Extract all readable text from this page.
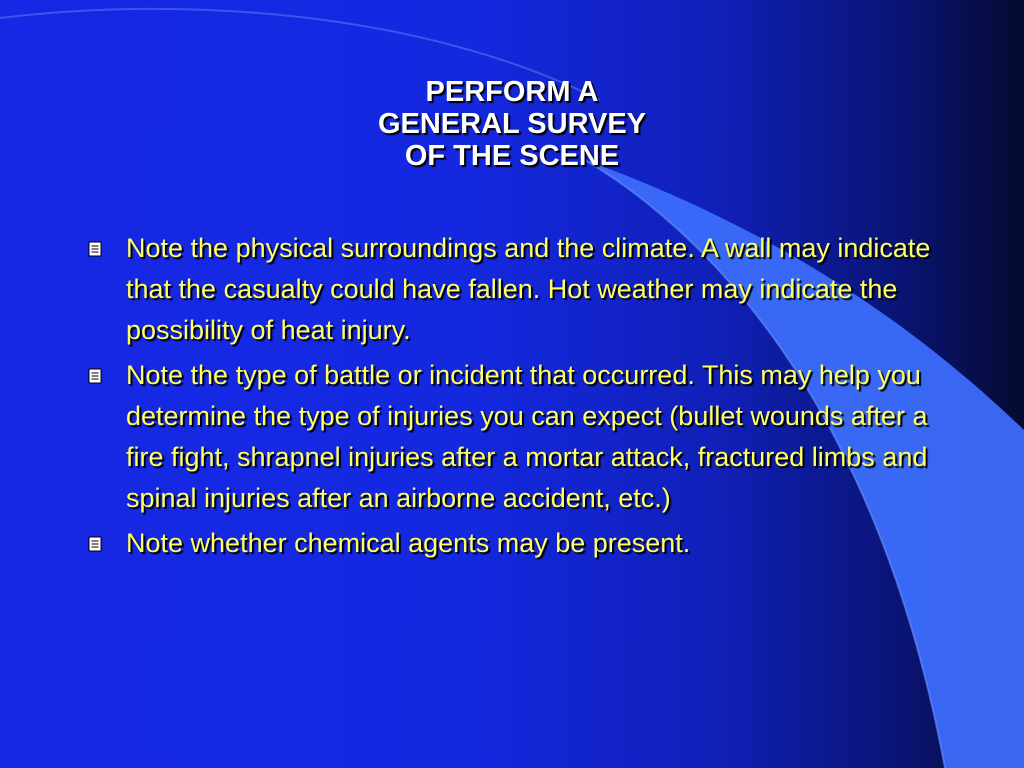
PERFORM A
GENERAL SURVEY
OF THE SCENE
Note the physical surroundings and the climate. A wall may indicate that the casualty could have fallen. Hot weather may indicate the possibility of heat injury.
Note the type of battle or incident that occurred. This may help you determine the type of injuries you can expect (bullet wounds after a fire fight, shrapnel injuries after a mortar attack, fractured limbs and spinal injuries after an airborne accident, etc.)
Note whether chemical agents may be present.
